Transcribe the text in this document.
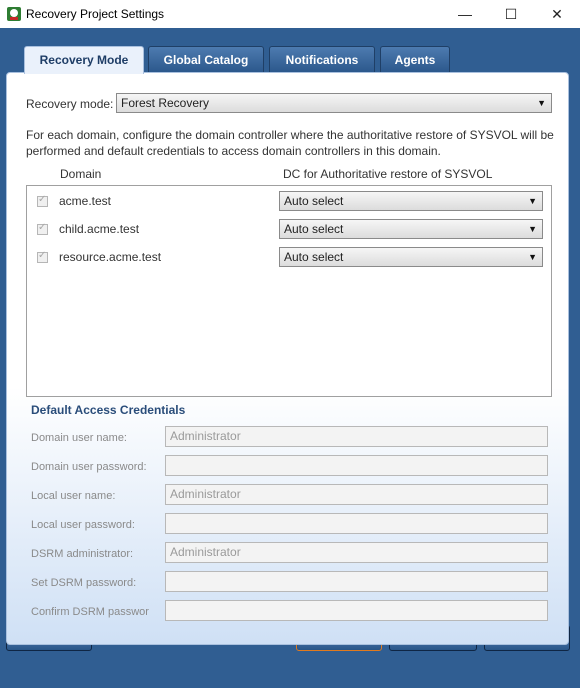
Recovery Project Settings	—	☐	✕
Recovery Mode	Global Catalog	Notifications	Agents
Recovery mode: Forest Recovery	▼
For each domain, configure the domain controller where the authoritative restore of SYSVOL will be performed and default credentials to access domain controllers in this domain.
Domain	DC for Authoritative restore of SYSVOL
✓
acme.test	Auto select	▼
✓
child.acme.test	Auto select	▼
✓
resource.acme.test	Auto select	▼
Default Access Credentials
Domain user name:	Administrator
Domain user password:
Local user name:	Administrator
Local user password:
DSRM administrator:	Administrator
Set DSRM password:
Confirm DSRM passwor
